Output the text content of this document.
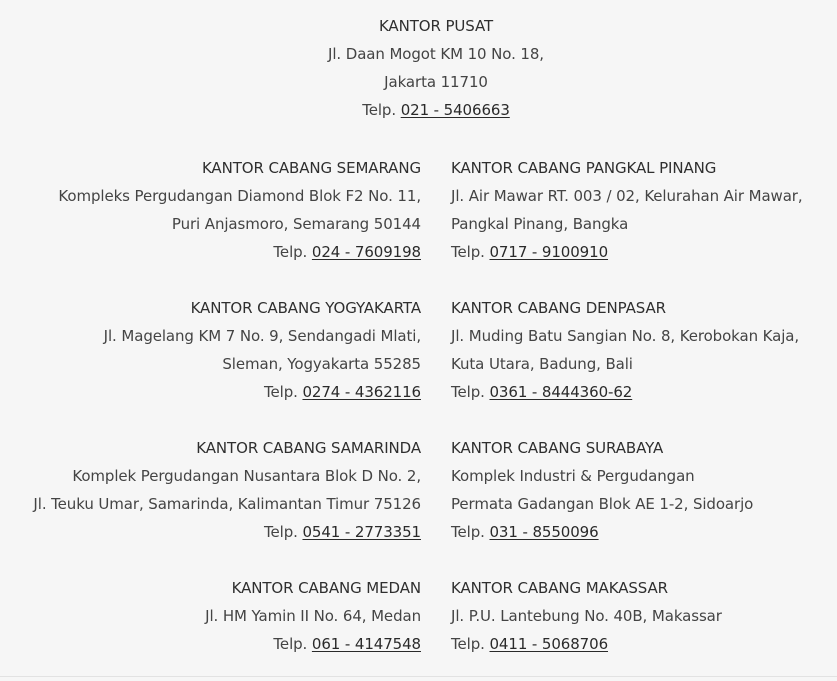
KANTOR PUSAT
Jl. Daan Mogot KM 10 No. 18,
Jakarta 11710
Telp. 021 - 5406663
KANTOR CABANG SEMARANG
Kompleks Pergudangan Diamond Blok F2 No. 11,
Puri Anjasmoro, Semarang 50144
Telp. 024 - 7609198
KANTOR CABANG PANGKAL PINANG
Jl. Air Mawar RT. 003 / 02, Kelurahan Air Mawar,
Pangkal Pinang, Bangka
Telp. 0717 - 9100910
KANTOR CABANG YOGYAKARTA
Jl. Magelang KM 7 No. 9, Sendangadi Mlati,
Sleman, Yogyakarta 55285
Telp. 0274 - 4362116
KANTOR CABANG DENPASAR
Jl. Muding Batu Sangian No. 8, Kerobokan Kaja,
Kuta Utara, Badung, Bali
Telp. 0361 - 8444360-62
KANTOR CABANG SAMARINDA
Komplek Pergudangan Nusantara Blok D No. 2,
Jl. Teuku Umar, Samarinda, Kalimantan Timur 75126
Telp. 0541 - 2773351
KANTOR CABANG SURABAYA
Komplek Industri & Pergudangan
Permata Gadangan Blok AE 1-2, Sidoarjo
Telp. 031 - 8550096
KANTOR CABANG MEDAN
Jl. HM Yamin II No. 64, Medan
Telp. 061 - 4147548
KANTOR CABANG MAKASSAR
Jl. P.U. Lantebung No. 40B, Makassar
Telp. 0411 - 5068706
